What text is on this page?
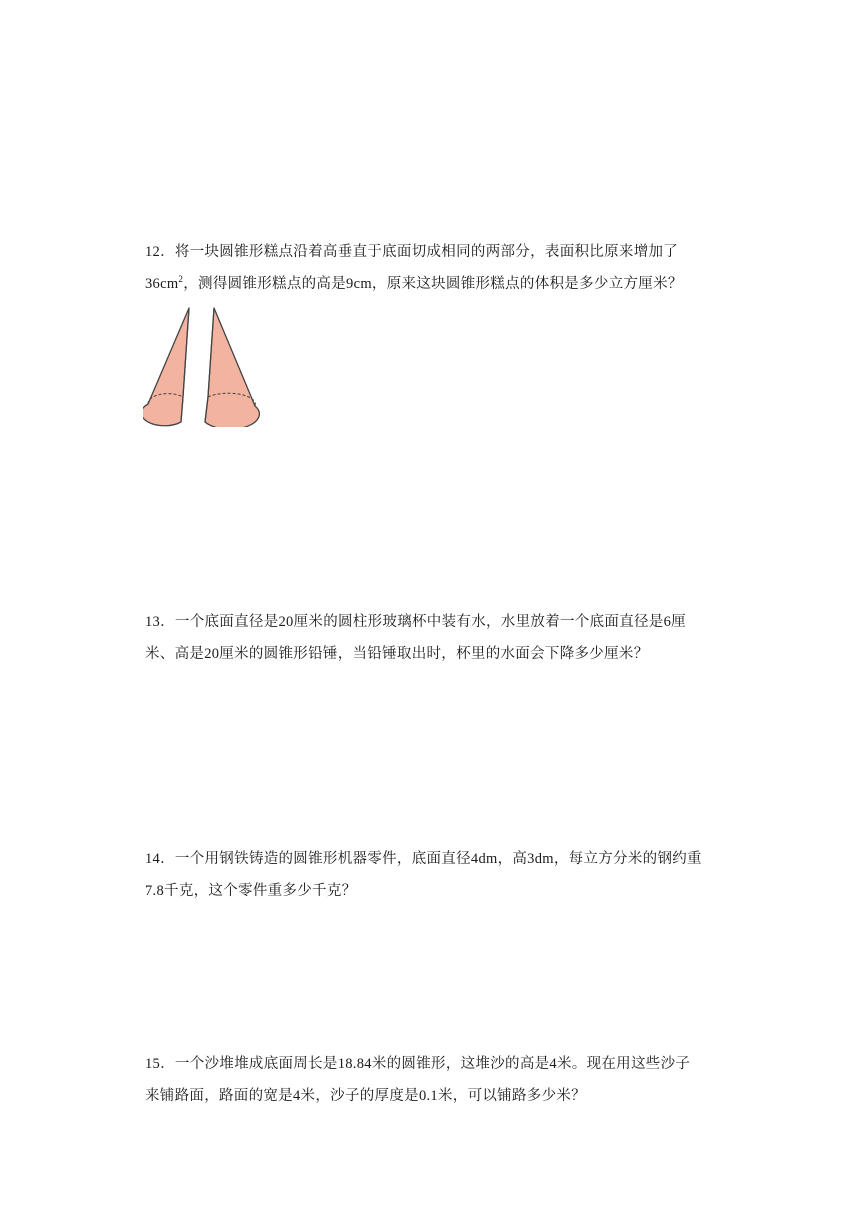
12．将一块圆锥形糕点沿着高垂直于底面切成相同的两部分，表面积比原来增加了
$36cm^2$，测得圆锥形糕点的高是9cm，原来这块圆锥形糕点的体积是多少立方厘米？
13．一个底面直径是20厘米的圆柱形玻璃杯中装有水，水里放着一个底面直径是6厘
米、高是20厘米的圆锥形铅锤，当铅锤取出时，杯里的水面会下降多少厘米？
14．一个用钢铁铸造的圆锥形机器零件，底面直径4dm，高3dm，每立方分米的钢约重
7.8千克，这个零件重多少千克？
15．一个沙堆堆成底面周长是18.84米的圆锥形，这堆沙的高是4米。现在用这些沙子
来铺路面，路面的宽是4米，沙子的厚度是0.1米，可以铺路多少米？
